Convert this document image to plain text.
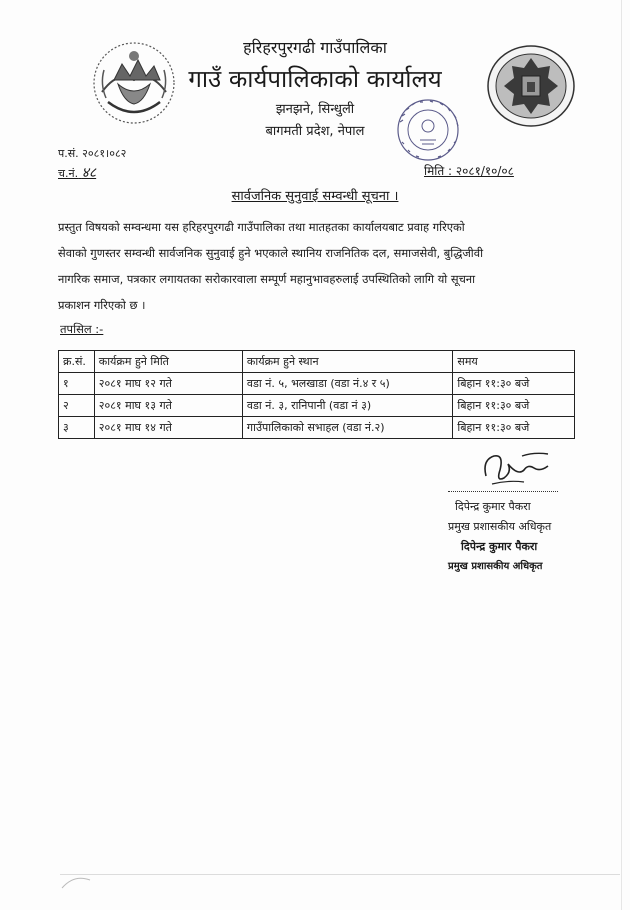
हरिहरपुरगढी गाउँपालिका
गाउँ कार्यपालिकाको कार्यालय
झनझने, सिन्धुली
बागमती प्रदेश, नेपाल
प.सं. २०८१।०८२
च.नं. ४८	मिति : २०८१/१०/०८
सार्वजनिक सुनुवाई सम्वन्धी सूचना ।
प्रस्तुत विषयको सम्वन्धमा यस हरिहरपुरगढी गाउँपालिका तथा मातहतका कार्यालयबाट प्रवाह गरिएको
सेवाको गुणस्तर सम्वन्धी सार्वजनिक सुनुवाई हुने भएकाले स्थानिय राजनितिक दल, समाजसेवी, बुद्धिजीवी
नागरिक समाज, पत्रकार लगायतका सरोकारवाला सम्पूर्ण महानुभावहरुलाई उपस्थितिको लागि यो सूचना
प्रकाशन गरिएको छ ।
तपसिल :-
क्र.सं.	कार्यक्रम हुने मिति	कार्यक्रम हुने स्थान	समय
१	२०८१ माघ १२ गते	वडा नं. ५, भलखाडा (वडा नं.४ र ५)	बिहान ११:३० बजे
२	२०८१ माघ १३ गते	वडा नं. ३, रानिपानी (वडा नं ३)	बिहान ११:३० बजे
३	२०८१ माघ १४ गते	गाउँपालिकाको सभाहल (वडा नं.२)	बिहान ११:३० बजे
दिपेन्द्र कुमार पैकरा
प्रमुख प्रशासकीय अधिकृत
दिपेन्द्र कुमार पैकरा
प्रमुख प्रशासकीय अधिकृत
